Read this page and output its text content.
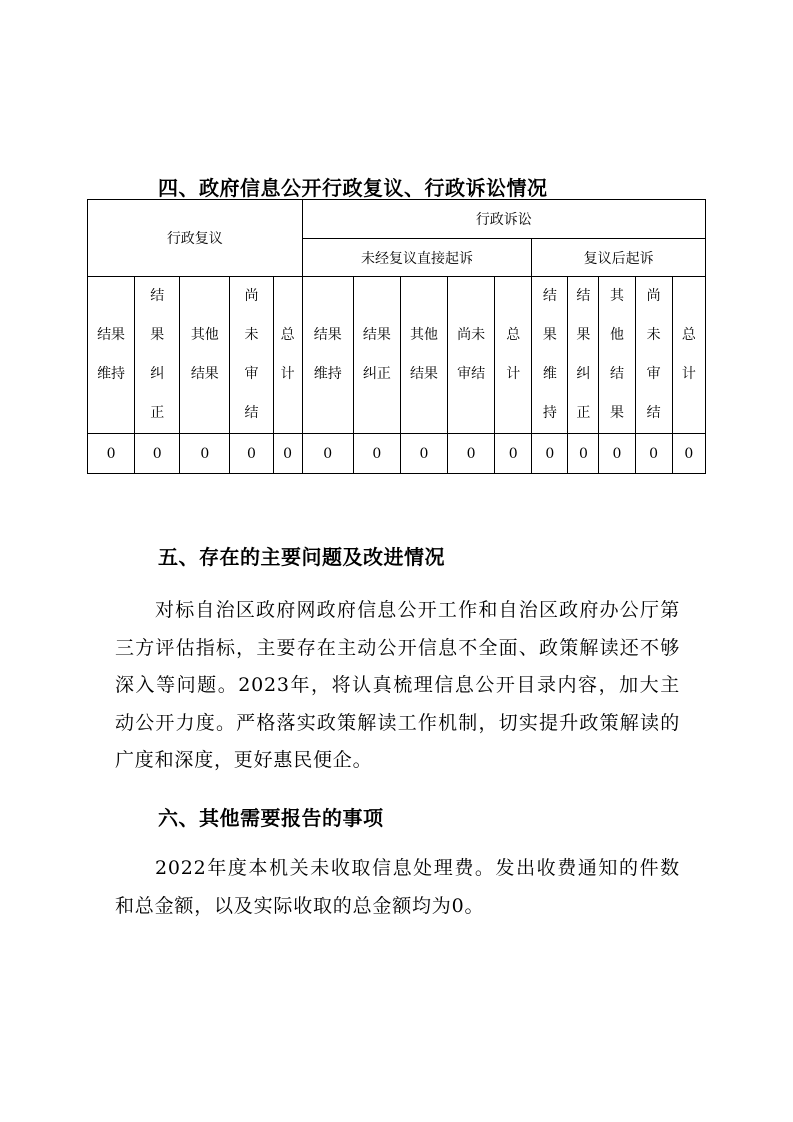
四、政府信息公开行政复议、行政诉讼情况
行政复议					行政诉讼									
					未经复议直接起诉					复议后起诉				

结果维持	结果纠正	其他结果	尚未审结	总计	结果维持	结果纠正	其他结果	尚未审结	总计	结果维持	结果纠正	其他结果	尚未审结	总计
0	0	0	0	0	0	0	0	0	0	0	0	0	0	0
五、存在的主要问题及改进情况
对标自治区政府网政府信息公开工作和自治区政府办公厅第三方评估指标，主要存在主动公开信息不全面、政策解读还不够深入等问题。2023年，将认真梳理信息公开目录内容，加大主动公开力度。严格落实政策解读工作机制，切实提升政策解读的广度和深度，更好惠民便企。
六、其他需要报告的事项
2022年度本机关未收取信息处理费。发出收费通知的件数和总金额，以及实际收取的总金额均为0。
